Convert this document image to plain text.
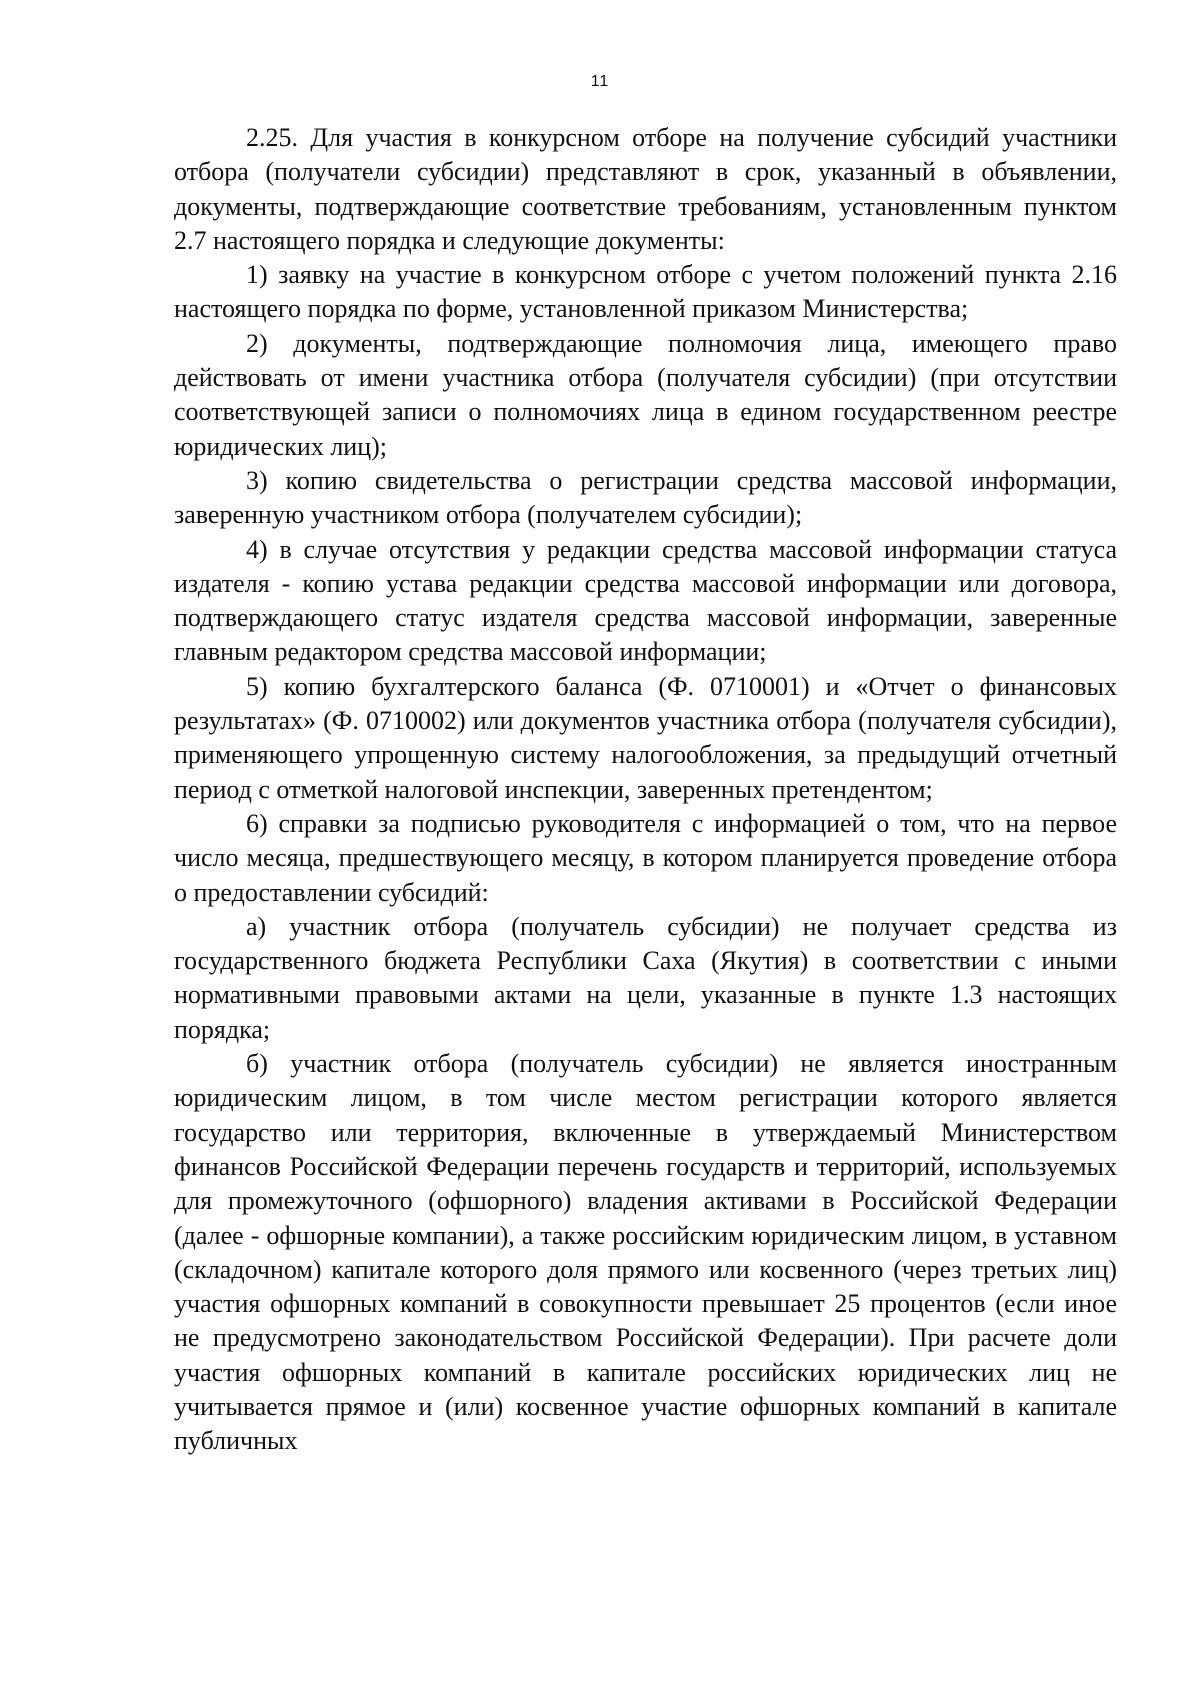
11

2.25. Для участия в конкурсном отборе на получение субсидий участники отбора (получатели субсидии) представляют в срок, указанный в объявлении, документы, подтверждающие соответствие требованиям, установленным пунктом 2.7 настоящего порядка и следующие документы:

1) заявку на участие в конкурсном отборе с учетом положений пункта 2.16 настоящего порядка по форме, установленной приказом Министерства;

2) документы, подтверждающие полномочия лица, имеющего право действовать от имени участника отбора (получателя субсидии) (при отсутствии соответствующей записи о полномочиях лица в едином государственном реестре юридических лиц);

3) копию свидетельства о регистрации средства массовой информации, заверенную участником отбора (получателем субсидии);

4) в случае отсутствия у редакции средства массовой информации статуса издателя - копию устава редакции средства массовой информации или договора, подтверждающего статус издателя средства массовой информации, заверенные главным редактором средства массовой информации;

5) копию бухгалтерского баланса (Ф. 0710001) и «Отчет о финансовых результатах» (Ф. 0710002) или документов участника отбора (получателя субсидии), применяющего упрощенную систему налогообложения, за предыдущий отчетный период с отметкой налоговой инспекции, заверенных претендентом;

6) справки за подписью руководителя с информацией о том, что на первое число месяца, предшествующего месяцу, в котором планируется проведение отбора о предоставлении субсидий:

а) участник отбора (получатель субсидии) не получает средства из государственного бюджета Республики Саха (Якутия) в соответствии с иными нормативными правовыми актами на цели, указанные в пункте 1.3 настоящих порядка;

б) участник отбора (получатель субсидии) не является иностранным юридическим лицом, в том числе местом регистрации которого является государство или территория, включенные в утверждаемый Министерством финансов Российской Федерации перечень государств и территорий, используемых для промежуточного (офшорного) владения активами в Российской Федерации (далее - офшорные компании), а также российским юридическим лицом, в уставном (складочном) капитале которого доля прямого или косвенного (через третьих лиц) участия офшорных компаний в совокупности превышает 25 процентов (если иное не предусмотрено законодательством Российской Федерации). При расчете доли участия офшорных компаний в капитале российских юридических лиц не учитывается прямое и (или) косвенное участие офшорных компаний в капитале публичных
